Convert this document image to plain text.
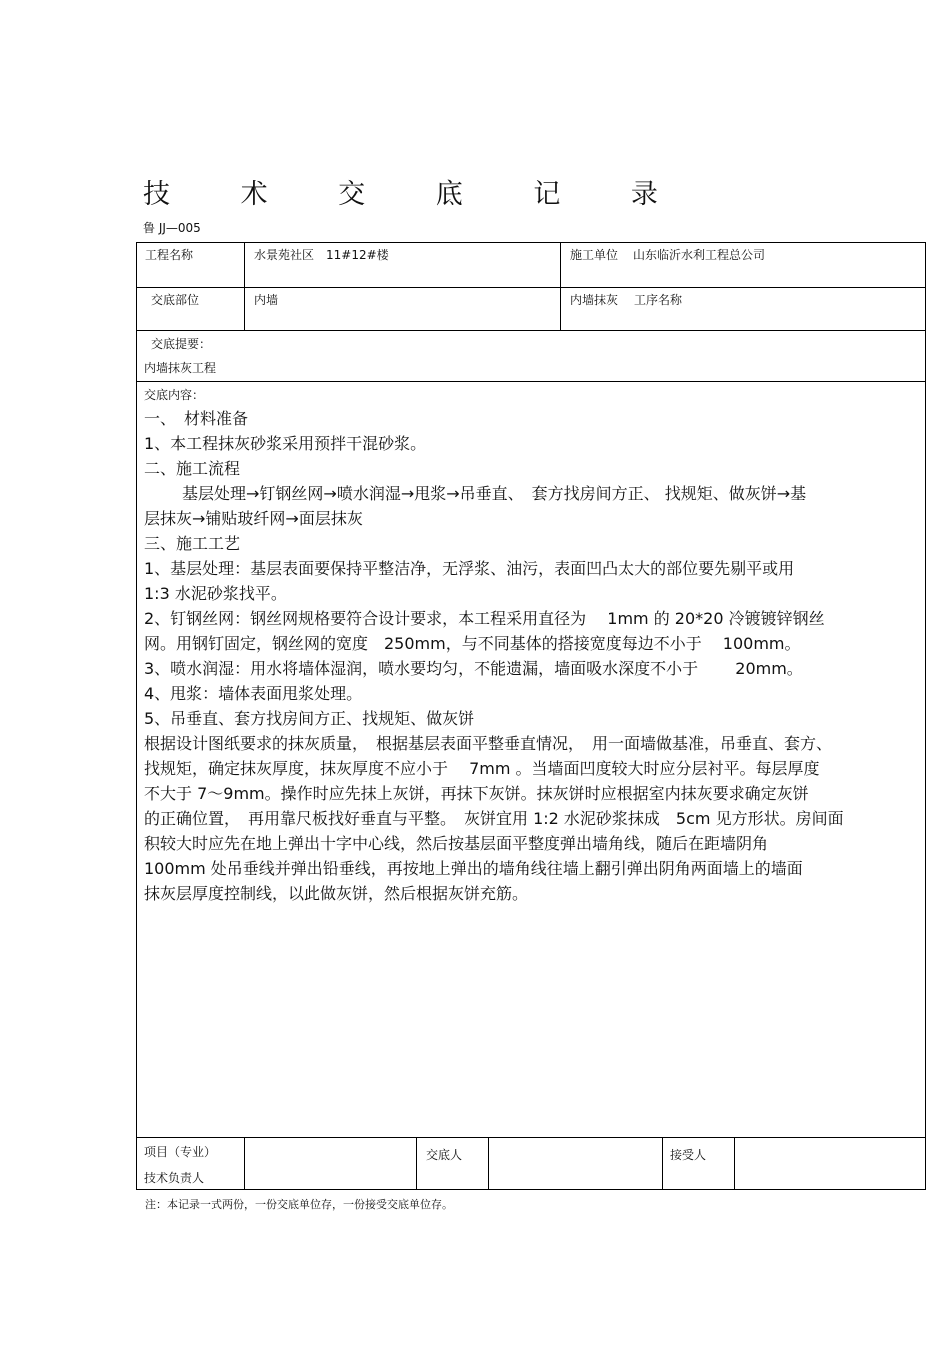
技 术 交 底 记 录
鲁 JJ—005
工程名称	水景苑社区　11#12#楼	施工单位 山东临沂水利工程总公司
交底部位	内墙	内墙抹灰 工序名称
交底提要：
内墙抹灰工程
交底内容：

一、　材料准备

1、本工程抹灰砂浆采用预拌干混砂浆。

二、施工流程

基层处理→钉钢丝网→喷水润湿→甩浆→吊垂直、　套方找房间方正、 找规矩、做灰饼→基

层抹灰→铺贴玻纤网→面层抹灰

三、施工工艺

1、基层处理：基层表面要保持平整洁净，无浮浆、油污，表面凹凸太大的部位要先剔平或用

1:3 水泥砂浆找平。

2、钉钢丝网：钢丝网规格要符合设计要求，本工程采用直径为　 1mm 的 20*20 冷镀镀锌钢丝

网。用钢钉固定，钢丝网的宽度　250mm，与不同基体的搭接宽度每边不小于　 100mm。

3、喷水润湿：用水将墙体湿润，喷水要均匀，不能遗漏，墙面吸水深度不小于　　 20mm。

4、甩浆：墙体表面甩浆处理。

5、吊垂直、套方找房间方正、找规矩、做灰饼

根据设计图纸要求的抹灰质量，　根据基层表面平整垂直情况，　用一面墙做基准，吊垂直、套方、

找规矩，确定抹灰厚度，抹灰厚度不应小于　 7mm 。当墙面凹度较大时应分层衬平。每层厚度

不大于 7～9mm。操作时应先抹上灰饼，再抹下灰饼。抹灰饼时应根据室内抹灰要求确定灰饼

的正确位置，　再用靠尺板找好垂直与平整。　灰饼宜用 1:2 水泥砂浆抹成　5cm 见方形状。房间面

积较大时应先在地上弹出十字中心线，然后按基层面平整度弹出墙角线，随后在距墙阴角

100mm 处吊垂线并弹出铅垂线，再按地上弹出的墙角线往墙上翻引弹出阴角两面墙上的墙面

抹灰层厚度控制线，以此做灰饼，然后根据灰饼充筋。

项目（专业）
技术负责人
交底人	接受人
注：本记录一式两份，一份交底单位存，一份接受交底单位存。
